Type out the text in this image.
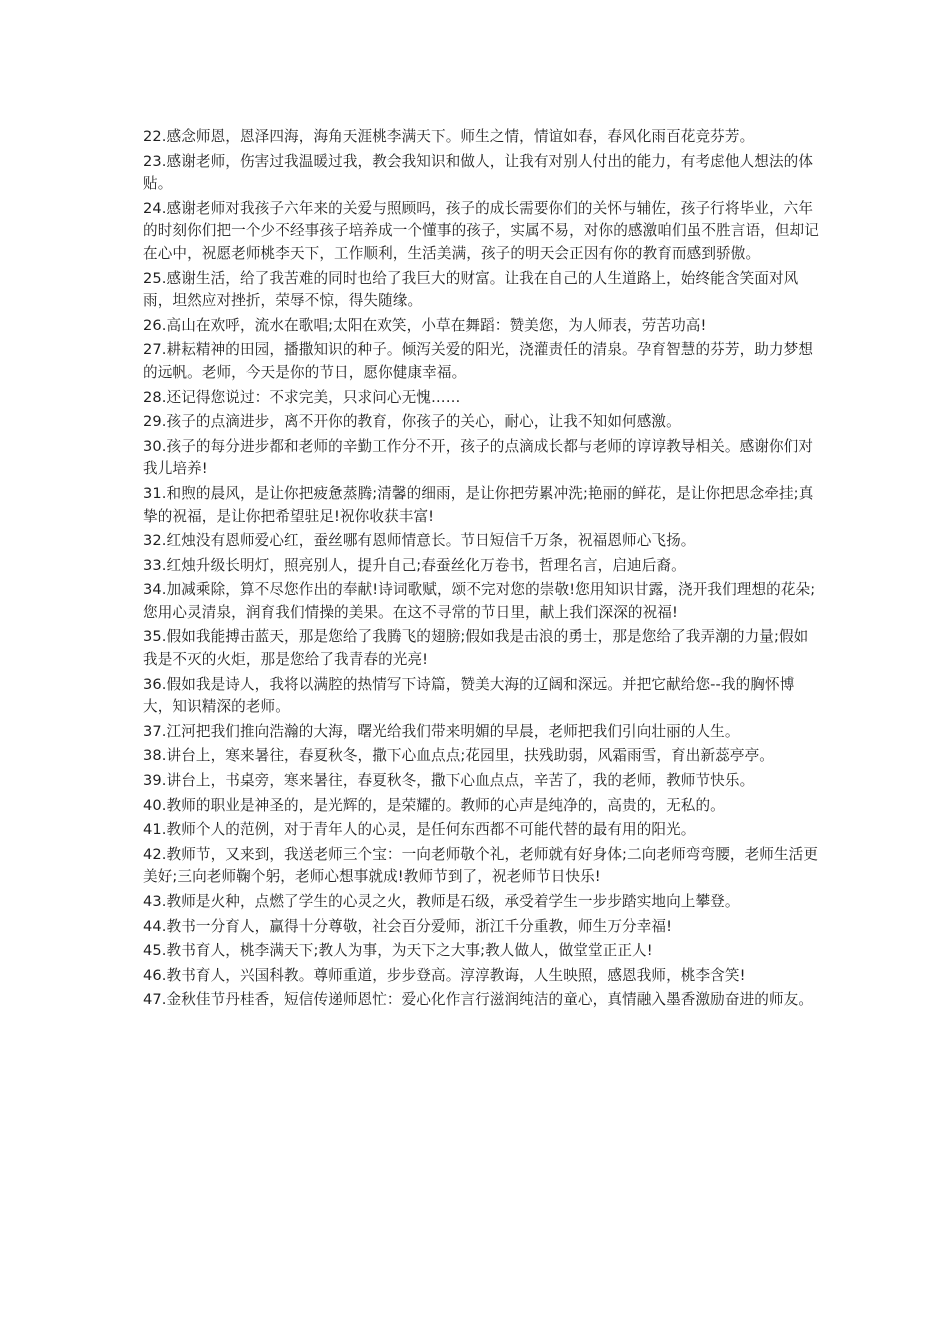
22.感念师恩，恩泽四海，海角天涯桃李满天下。师生之情，情谊如春，春风化雨百花竞芬芳。

23.感谢老师，伤害过我温暖过我，教会我知识和做人，让我有对别人付出的能力，有考虑他人想法的体贴。

24.感谢老师对我孩子六年来的关爱与照顾吗，孩子的成长需要你们的关怀与辅佐，孩子行将毕业，六年的时刻你们把一个少不经事孩子培养成一个懂事的孩子，实属不易，对你的感激咱们虽不胜言语，但却记在心中，祝愿老师桃李天下，工作顺利，生活美满，孩子的明天会正因有你的教育而感到骄傲。

25.感谢生活，给了我苦难的同时也给了我巨大的财富。让我在自己的人生道路上，始终能含笑面对风雨，坦然应对挫折，荣辱不惊，得失随缘。

26.高山在欢呼，流水在歌唱;太阳在欢笑，小草在舞蹈：赞美您，为人师表，劳苦功高!

27.耕耘精神的田园，播撒知识的种子。倾泻关爱的阳光，浇灌责任的清泉。孕育智慧的芬芳，助力梦想的远帆。老师，今天是你的节日，愿你健康幸福。

28.还记得您说过：不求完美，只求问心无愧……

29.孩子的点滴进步，离不开你的教育，你孩子的关心，耐心，让我不知如何感激。

30.孩子的每分进步都和老师的辛勤工作分不开，孩子的点滴成长都与老师的谆谆教导相关。感谢你们对我儿培养!

31.和煦的晨风，是让你把疲惫蒸腾;清馨的细雨，是让你把劳累冲洗;艳丽的鲜花，是让你把思念牵挂;真挚的祝福，是让你把希望驻足!祝你收获丰富!

32.红烛没有恩师爱心红，蚕丝哪有恩师情意长。节日短信千万条，祝福恩师心飞扬。

33.红烛升级长明灯，照亮别人，提升自己;春蚕丝化万卷书，哲理名言，启迪后裔。

34.加减乘除，算不尽您作出的奉献!诗词歌赋，颂不完对您的崇敬!您用知识甘露，浇开我们理想的花朵;您用心灵清泉，润育我们情操的美果。在这不寻常的节日里，献上我们深深的祝福!

35.假如我能搏击蓝天，那是您给了我腾飞的翅膀;假如我是击浪的勇士，那是您给了我弄潮的力量;假如我是不灭的火炬，那是您给了我青春的光亮!

36.假如我是诗人，我将以满腔的热情写下诗篇，赞美大海的辽阔和深远。并把它献给您--我的胸怀博大，知识精深的老师。

37.江河把我们推向浩瀚的大海，曙光给我们带来明媚的早晨，老师把我们引向壮丽的人生。

38.讲台上，寒来暑往，春夏秋冬，撒下心血点点;花园里，扶残助弱，风霜雨雪，育出新蕊亭亭。

39.讲台上，书桌旁，寒来暑往，春夏秋冬，撒下心血点点，辛苦了，我的老师，教师节快乐。

40.教师的职业是神圣的，是光辉的，是荣耀的。教师的心声是纯净的，高贵的，无私的。

41.教师个人的范例，对于青年人的心灵，是任何东西都不可能代替的最有用的阳光。

42.教师节，又来到，我送老师三个宝：一向老师敬个礼，老师就有好身体;二向老师弯弯腰，老师生活更美好;三向老师鞠个躬，老师心想事就成!教师节到了，祝老师节日快乐!

43.教师是火种，点燃了学生的心灵之火，教师是石级，承受着学生一步步踏实地向上攀登。

44.教书一分育人，赢得十分尊敬，社会百分爱师，浙江千分重教，师生万分幸福!

45.教书育人，桃李满天下;教人为事，为天下之大事;教人做人，做堂堂正正人!

46.教书育人，兴国科教。尊师重道，步步登高。淳淳教诲，人生映照，感恩我师，桃李含笑!

47.金秋佳节丹桂香，短信传递师恩忙：爱心化作言行滋润纯洁的童心，真情融入墨香激励奋进的师友。
